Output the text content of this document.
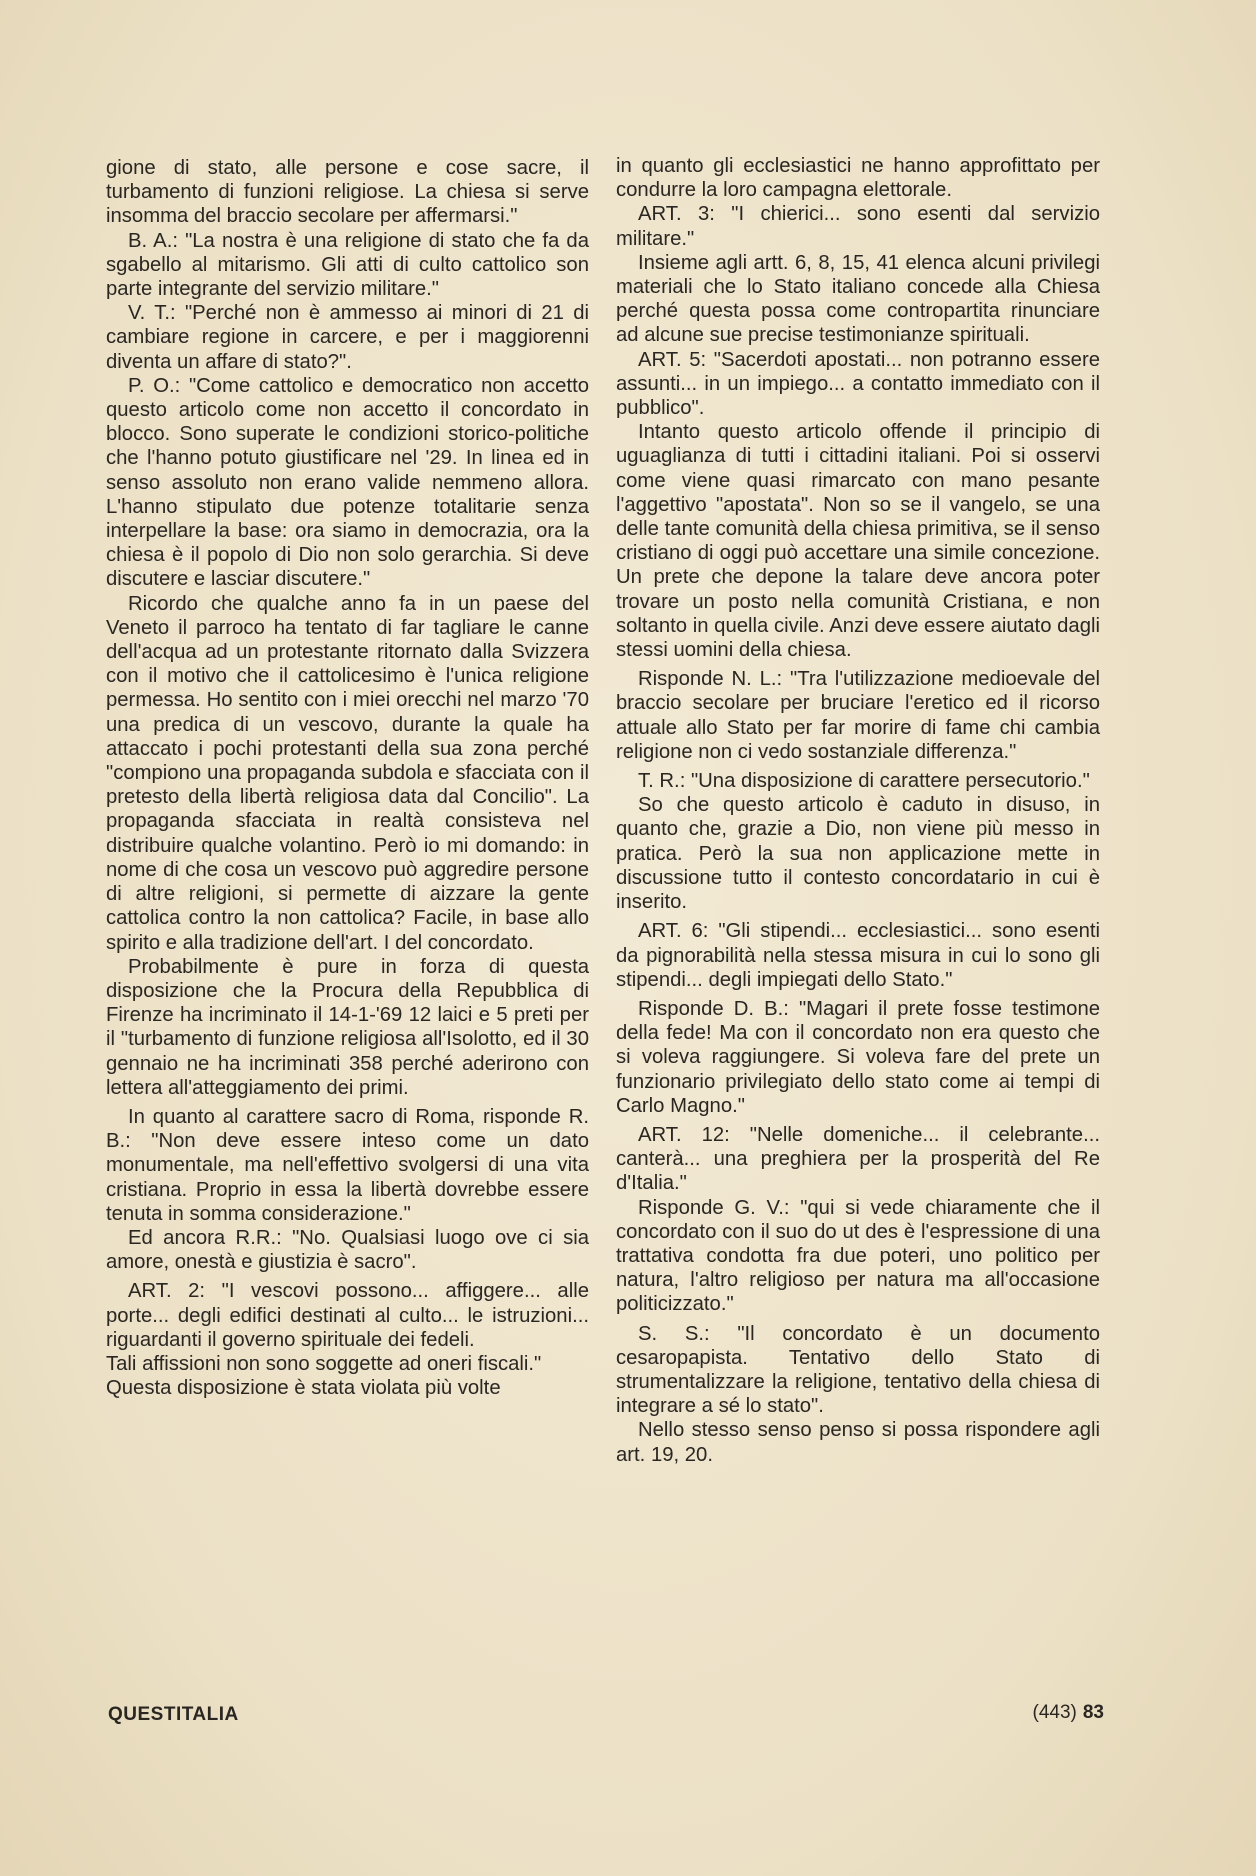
gione di stato, alle persone e cose sacre, il turbamento di funzioni religiose. La chiesa si serve insomma del braccio secolare per affermarsi."

B. A.: "La nostra è una religione di stato che fa da sgabello al mitarismo. Gli atti di culto cattolico son parte integrante del servizio militare."

V. T.: "Perché non è ammesso ai minori di 21 di cambiare regione in carcere, e per i maggiorenni diventa un affare di stato?".

P. O.: "Come cattolico e democratico non accetto questo articolo come non accetto il concordato in blocco. Sono superate le condizioni storico-politiche che l'hanno potuto giustificare nel '29. In linea ed in senso assoluto non erano valide nemmeno allora. L'hanno stipulato due potenze totalitarie senza interpellare la base: ora siamo in democrazia, ora la chiesa è il popolo di Dio non solo gerarchia. Si deve discutere e lasciar discutere."

Ricordo che qualche anno fa in un paese del Veneto il parroco ha tentato di far tagliare le canne dell'acqua ad un protestante ritornato dalla Svizzera con il motivo che il cattolicesimo è l'unica religione permessa. Ho sentito con i miei orecchi nel marzo '70 una predica di un vescovo, durante la quale ha attaccato i pochi protestanti della sua zona perché "compiono una propaganda subdola e sfacciata con il pretesto della libertà religiosa data dal Concilio". La propaganda sfacciata in realtà consisteva nel distribuire qualche volantino. Però io mi domando: in nome di che cosa un vescovo può aggredire persone di altre religioni, si permette di aizzare la gente cattolica contro la non cattolica? Facile, in base allo spirito e alla tradizione dell'art. I del concordato.

Probabilmente è pure in forza di questa disposizione che la Procura della Repubblica di Firenze ha incriminato il 14-1-'69 12 laici e 5 preti per il "turbamento di funzione religiosa all'Isolotto, ed il 30 gennaio ne ha incriminati 358 perché aderirono con lettera all'atteggiamento dei primi.

In quanto al carattere sacro di Roma, risponde R. B.: "Non deve essere inteso come un dato monumentale, ma nell'effettivo svolgersi di una vita cristiana. Proprio in essa la libertà dovrebbe essere tenuta in somma considerazione."

Ed ancora R.R.: "No. Qualsiasi luogo ove ci sia amore, onestà e giustizia è sacro".

ART. 2: "I vescovi possono... affiggere... alle porte... degli edifici destinati al culto... le istruzioni... riguardanti il governo spirituale dei fedeli.

Tali affissioni non sono soggette ad oneri fiscali."

Questa disposizione è stata violata più volte

in quanto gli ecclesiastici ne hanno approfittato per condurre la loro campagna elettorale.

ART. 3: "I chierici... sono esenti dal servizio militare."

Insieme agli artt. 6, 8, 15, 41 elenca alcuni privilegi materiali che lo Stato italiano concede alla Chiesa perché questa possa come contropartita rinunciare ad alcune sue precise testimonianze spirituali.

ART. 5: "Sacerdoti apostati... non potranno essere assunti... in un impiego... a contatto immediato con il pubblico".

Intanto questo articolo offende il principio di uguaglianza di tutti i cittadini italiani. Poi si osservi come viene quasi rimarcato con mano pesante l'aggettivo "apostata". Non so se il vangelo, se una delle tante comunità della chiesa primitiva, se il senso cristiano di oggi può accettare una simile concezione. Un prete che depone la talare deve ancora poter trovare un posto nella comunità Cristiana, e non soltanto in quella civile. Anzi deve essere aiutato dagli stessi uomini della chiesa.

Risponde N. L.: "Tra l'utilizzazione medioevale del braccio secolare per bruciare l'eretico ed il ricorso attuale allo Stato per far morire di fame chi cambia religione non ci vedo sostanziale differenza."

T. R.: "Una disposizione di carattere persecutorio."

So che questo articolo è caduto in disuso, in quanto che, grazie a Dio, non viene più messo in pratica. Però la sua non applicazione mette in discussione tutto il contesto concordatario in cui è inserito.

ART. 6: "Gli stipendi... ecclesiastici... sono esenti da pignorabilità nella stessa misura in cui lo sono gli stipendi... degli impiegati dello Stato."

Risponde D. B.: "Magari il prete fosse testimone della fede! Ma con il concordato non era questo che si voleva raggiungere. Si voleva fare del prete un funzionario privilegiato dello stato come ai tempi di Carlo Magno."

ART. 12: "Nelle domeniche... il celebrante... canterà... una preghiera per la prosperità del Re d'Italia."

Risponde G. V.: "qui si vede chiaramente che il concordato con il suo do ut des è l'espressione di una trattativa condotta fra due poteri, uno politico per natura, l'altro religioso per natura ma all'occasione politicizzato."

S. S.: "Il concordato è un documento cesaropapista. Tentativo dello Stato di strumentalizzare la religione, tentativo della chiesa di integrare a sé lo stato".

Nello stesso senso penso si possa rispondere agli art. 19, 20.

QUESTITALIA	(443) 83
